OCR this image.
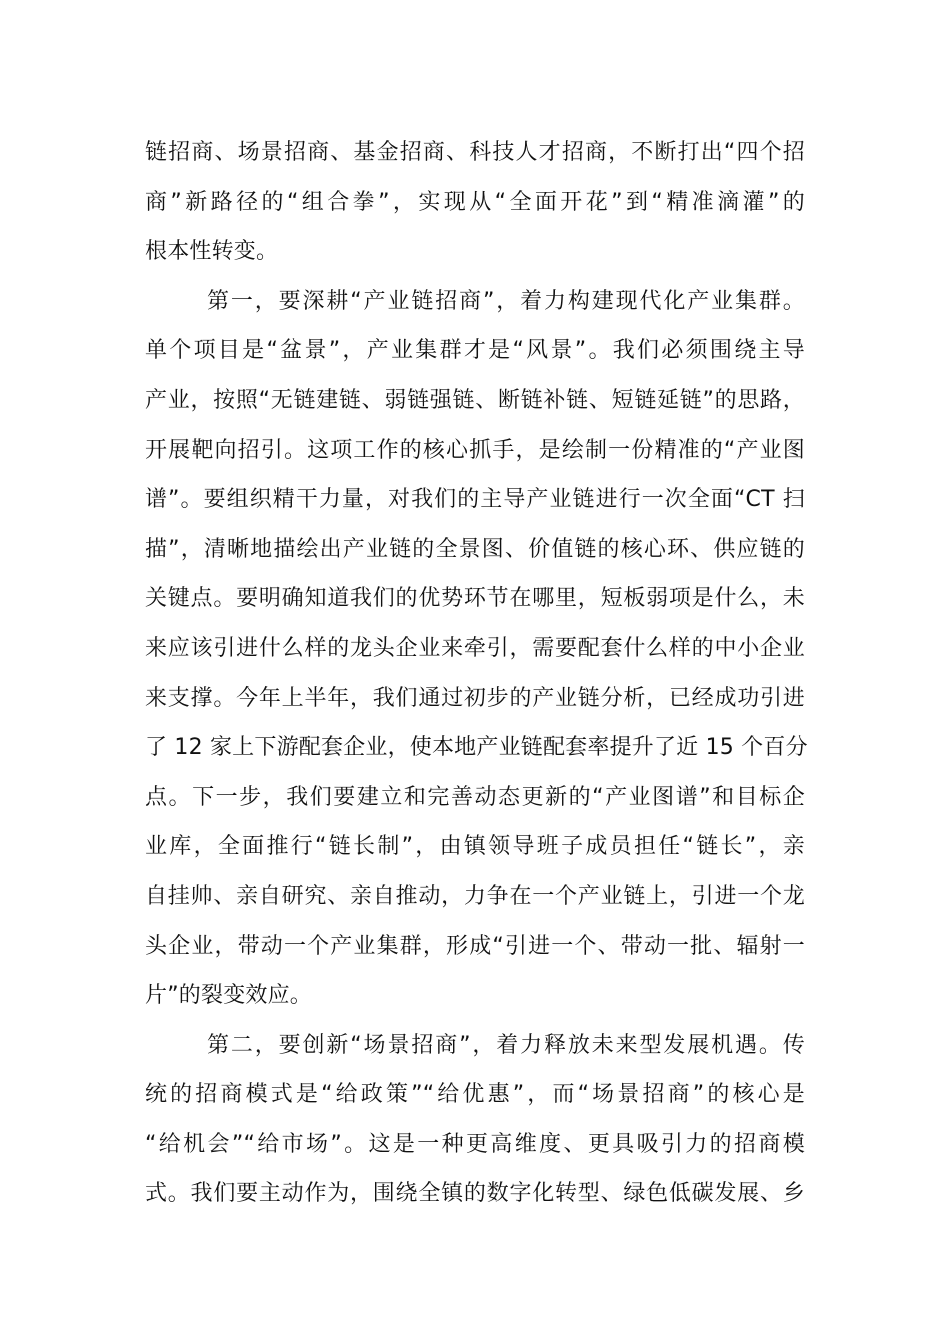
链招商、场景招商、基金招商、科技人才招商，不断打出“四个招
商”新路径的“组合拳”，实现从“全面开花”到“精准滴灌”的
根本性转变。
第一，要深耕“产业链招商”，着力构建现代化产业集群。
单个项目是“盆景”，产业集群才是“风景”。我们必须围绕主导
产业，按照“无链建链、弱链强链、断链补链、短链延链”的思路，
开展靶向招引。这项工作的核心抓手，是绘制一份精准的“产业图
谱”。要组织精干力量，对我们的主导产业链进行一次全面“CT 扫
描”，清晰地描绘出产业链的全景图、价值链的核心环、供应链的
关键点。要明确知道我们的优势环节在哪里，短板弱项是什么，未
来应该引进什么样的龙头企业来牵引，需要配套什么样的中小企业
来支撑。今年上半年，我们通过初步的产业链分析，已经成功引进
了 12 家上下游配套企业，使本地产业链配套率提升了近 15 个百分
点。下一步，我们要建立和完善动态更新的“产业图谱”和目标企
业库，全面推行“链长制”，由镇领导班子成员担任“链长”，亲
自挂帅、亲自研究、亲自推动，力争在一个产业链上，引进一个龙
头企业，带动一个产业集群，形成“引进一个、带动一批、辐射一
片”的裂变效应。
第二，要创新“场景招商”，着力释放未来型发展机遇。传
统的招商模式是“给政策”“给优惠”，而“场景招商”的核心是
“给机会”“给市场”。这是一种更高维度、更具吸引力的招商模
式。我们要主动作为，围绕全镇的数字化转型、绿色低碳发展、乡
